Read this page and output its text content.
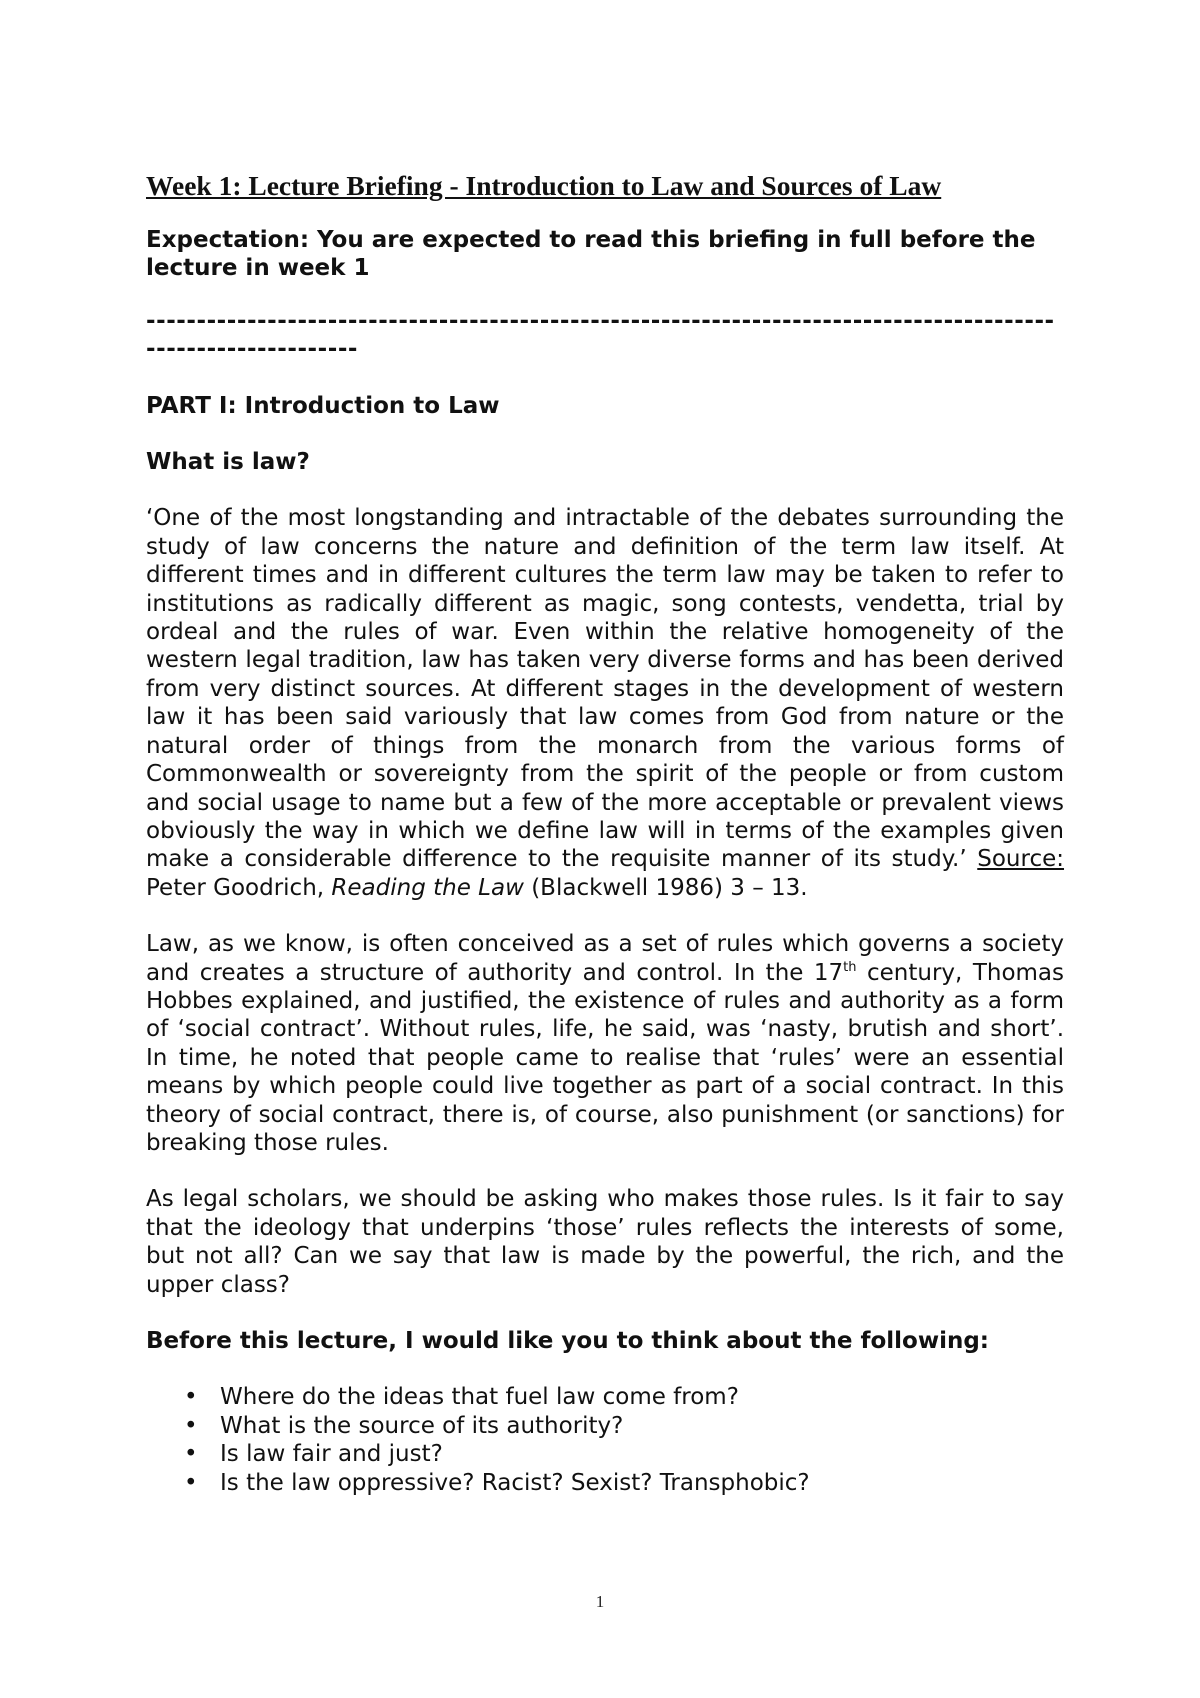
Week 1: Lecture Briefing - Introduction to Law and Sources of Law

Expectation: You are expected to read this briefing in full before the lecture in week 1

---------------------------------------------------------------------------------------------------------------

PART I: Introduction to Law

What is law?

‘One of the most longstanding and intractable of the debates surrounding the study of law concerns the nature and definition of the term law itself. At different times and in different cultures the term law may be taken to refer to institutions as radically different as magic, song contests, vendetta, trial by ordeal and the rules of war. Even within the relative homogeneity of the western legal tradition, law has taken very diverse forms and has been derived from very distinct sources. At different stages in the development of western law it has been said variously that law comes from God from nature or the natural order of things from the monarch from the various forms of Commonwealth or sovereignty from the spirit of the people or from custom and social usage to name but a few of the more acceptable or prevalent views obviously the way in which we define law will in terms of the examples given make a considerable difference to the requisite manner of its study.’ Source: Peter Goodrich, Reading the Law (Blackwell 1986) 3 – 13.

Law, as we know, is often conceived as a set of rules which governs a society and creates a structure of authority and control. In the 17th century, Thomas Hobbes explained, and justified, the existence of rules and authority as a form of ‘social contract’. Without rules, life, he said, was ‘nasty, brutish and short’. In time, he noted that people came to realise that ‘rules’ were an essential means by which people could live together as part of a social contract. In this theory of social contract, there is, of course, also punishment (or sanctions) for breaking those rules.

As legal scholars, we should be asking who makes those rules. Is it fair to say that the ideology that underpins ‘those’ rules reflects the interests of some, but not all? Can we say that law is made by the powerful, the rich, and the upper class?

Before this lecture, I would like you to think about the following:

• Where do the ideas that fuel law come from?
• What is the source of its authority?
• Is law fair and just?
• Is the law oppressive? Racist? Sexist? Transphobic?
1
